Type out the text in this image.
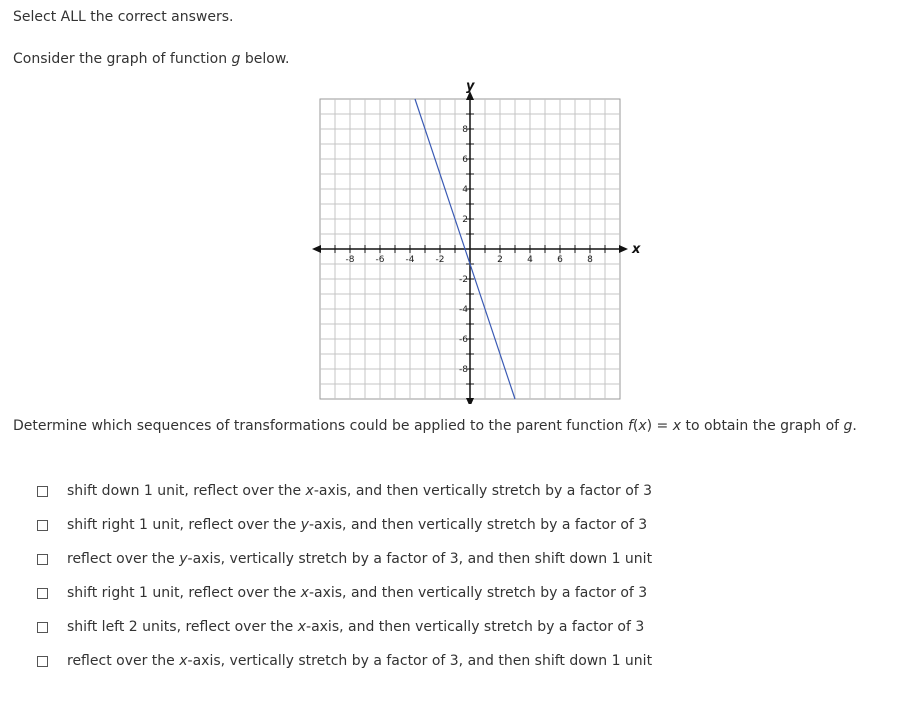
Select ALL the correct answers.
Consider the graph of function g below.
-8 -6 -4 -2	2	4	6	8
8
6
4
2
-2
-4
-6
-8
x
y
Determine which sequences of transformations could be applied to the parent function f(x) = x to obtain the graph of g.
shift down 1 unit, reflect over the x-axis, and then vertically stretch by a factor of 3
shift right 1 unit, reflect over the y-axis, and then vertically stretch by a factor of 3
reflect over the y-axis, vertically stretch by a factor of 3, and then shift down 1 unit
shift right 1 unit, reflect over the x-axis, and then vertically stretch by a factor of 3
shift left 2 units, reflect over the x-axis, and then vertically stretch by a factor of 3
reflect over the x-axis, vertically stretch by a factor of 3, and then shift down 1 unit
